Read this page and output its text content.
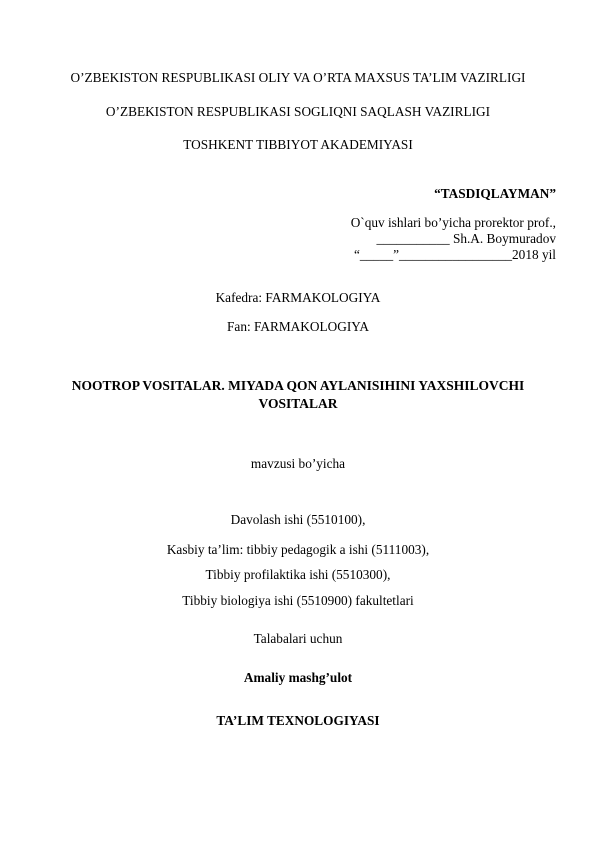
O’ZBEKISTON RESPUBLIKASI OLIY VA O’RTA MAXSUS TA’LIM VAZIRLIGI
O’ZBEKISTON RESPUBLIKASI SOGLIQNI SAQLASH VAZIRLIGI
TOSHKENT TIBBIYOT AKADEMIYASI
“TASDIQLAYMAN”
O`quv ishlari bo’yicha prorektor prof.,
___________ Sh.A. Boymuradov
“_____”_________________2018 yil
Kafedra: FARMAKOLOGIYA
Fan: FARMAKOLOGIYA
NOOTROP VOSITALAR. MIYADA QON AYLANISIHINI YAXSHILOVCHI VOSITALAR
mavzusi bo’yicha
Davolash ishi (5510100),
Kasbiy ta’lim: tibbiy pedagogik a ishi (5111003),
Tibbiy profilaktika ishi (5510300),
Tibbiy biologiya ishi (5510900) fakultetlari
Talabalari uchun
Amaliy mashg’ulot
TA’LIM TEXNOLOGIYASI
